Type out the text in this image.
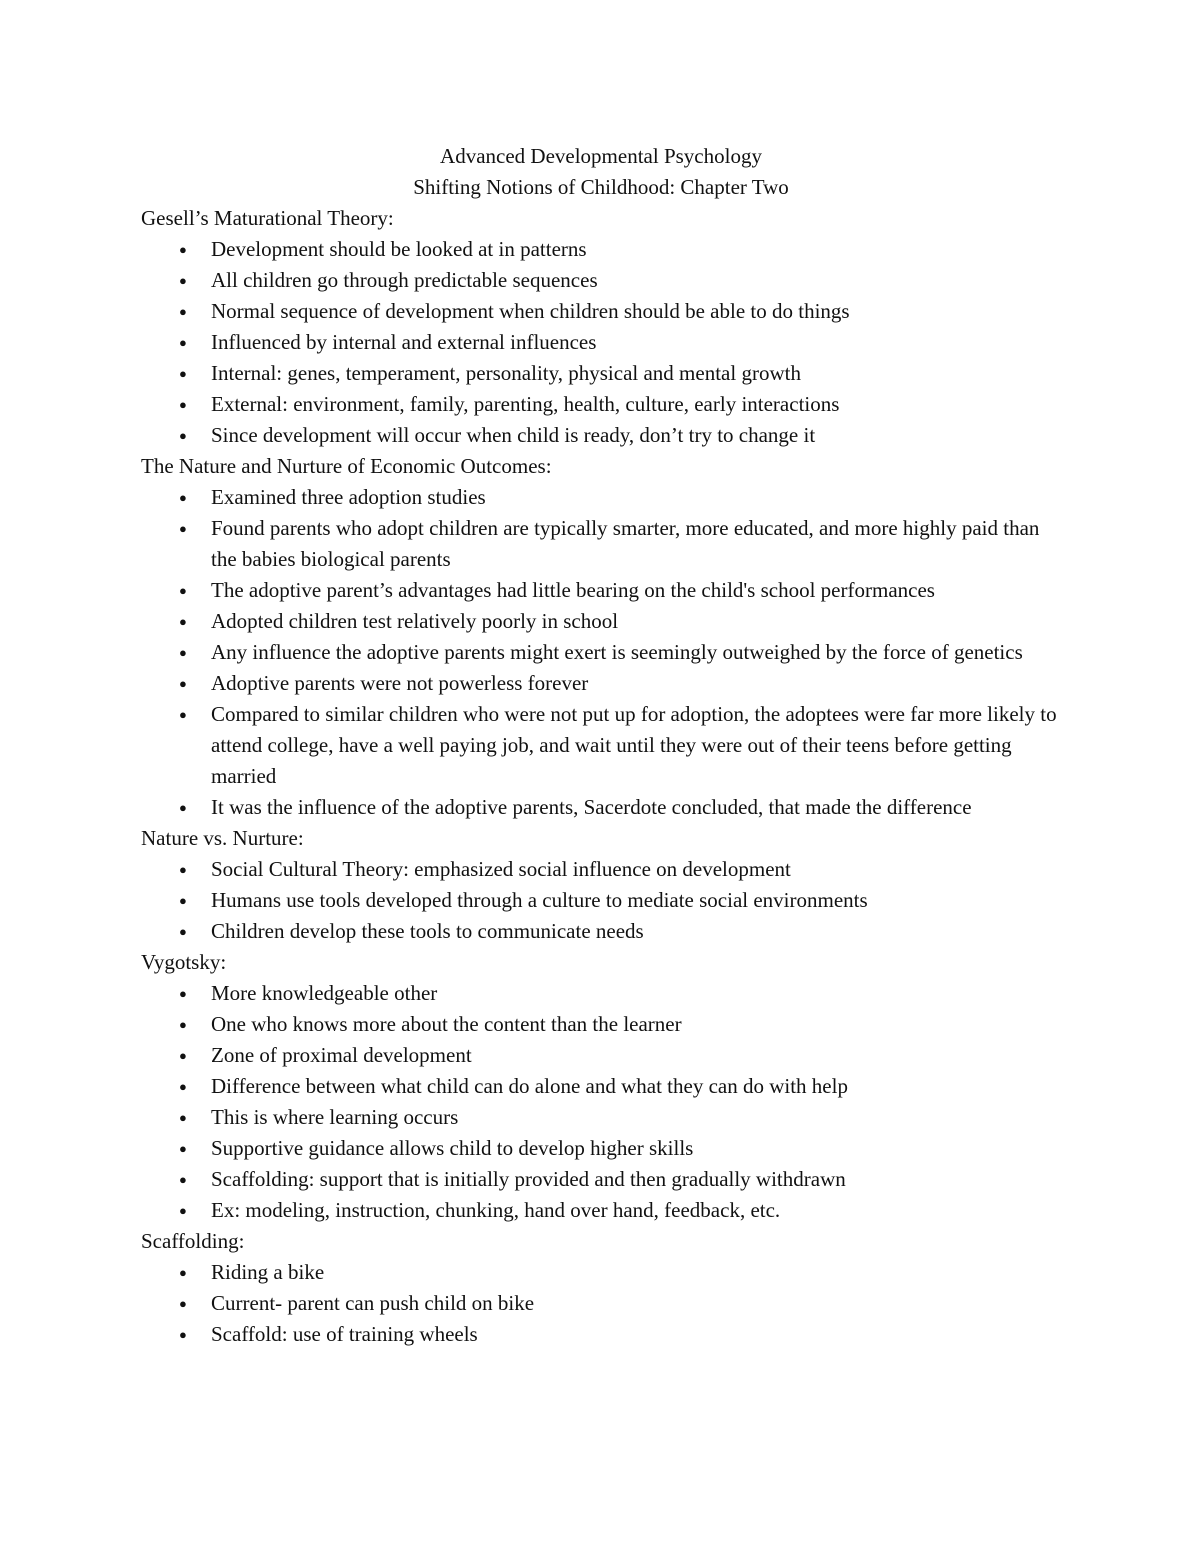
Advanced Developmental Psychology

Shifting Notions of Childhood: Chapter Two

Gesell’s Maturational Theory:

● Development should be looked at in patterns
● All children go through predictable sequences
● Normal sequence of development when children should be able to do things
● Influenced by internal and external influences
● Internal: genes, temperament, personality, physical and mental growth
● External: environment, family, parenting, health, culture, early interactions
● Since development will occur when child is ready, don’t try to change it

The Nature and Nurture of Economic Outcomes:

● Examined three adoption studies
● Found parents who adopt children are typically smarter, more educated, and more highly paid than the babies biological parents
● The adoptive parent’s advantages had little bearing on the child's school performances
● Adopted children test relatively poorly in school
● Any influence the adoptive parents might exert is seemingly outweighed by the force of genetics
● Adoptive parents were not powerless forever
● Compared to similar children who were not put up for adoption, the adoptees were far more likely to attend college, have a well paying job, and wait until they were out of their teens before getting married
● It was the influence of the adoptive parents, Sacerdote concluded, that made the difference

Nature vs. Nurture:

● Social Cultural Theory: emphasized social influence on development
● Humans use tools developed through a culture to mediate social environments
● Children develop these tools to communicate needs

Vygotsky:

● More knowledgeable other
● One who knows more about the content than the learner
● Zone of proximal development
● Difference between what child can do alone and what they can do with help
● This is where learning occurs
● Supportive guidance allows child to develop higher skills
● Scaffolding: support that is initially provided and then gradually withdrawn
● Ex: modeling, instruction, chunking, hand over hand, feedback, etc.

Scaffolding:

● Riding a bike
● Current- parent can push child on bike
● Scaffold: use of training wheels
